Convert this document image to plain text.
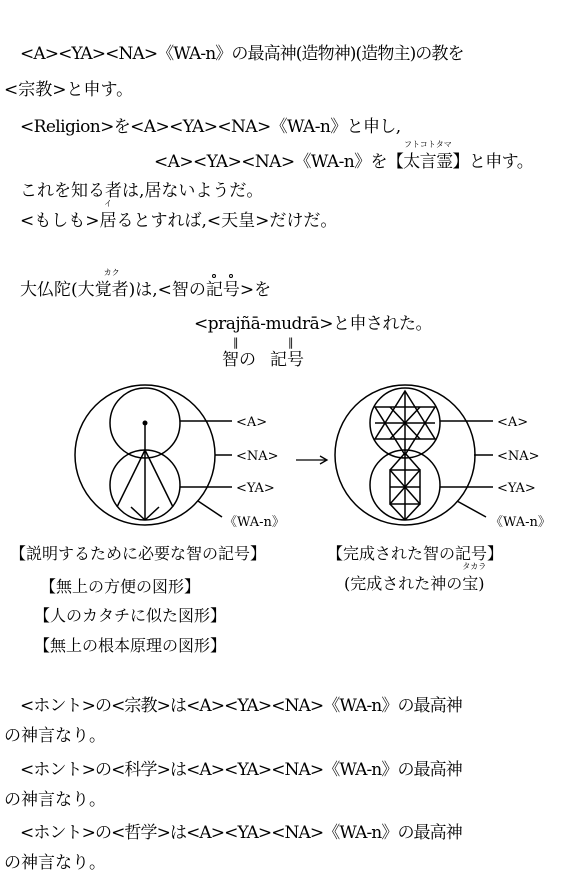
<A><YA><NA>《WA-n》の最高神(造物神)(造物主)の教を
<宗教>と申す。
<Religion>を<A><YA><NA>《WA-n》と申し,
<A><YA><NA>《WA-n》を【
フトコトタマ
太言霊】と申す。
これを知る者は,居ないようだ。
<もしも>
イ
居るとすれば,<天皇>だけだ。
大仏陀(大
カク
覚者)は,<智の
記
号>を
<prajñā-mudrā>と申された。
‖	‖
智の 記号
<A>
<NA>
<YA>
《WA-n》
<A>
<NA>
<YA>
《WA-n》
【説明するために必要な智の記号】
【無上の方便の図形】
【人のカタチに似た図形】
【無上の根本原理の図形】
【完成された智の記号】
(完成された神の
タカラ
宝)
<ホント>の<宗教>は<A><YA><NA>《WA-n》の最高神
の神言なり。
<ホント>の<科学>は<A><YA><NA>《WA-n》の最高神
の神言なり。
<ホント>の<哲学>は<A><YA><NA>《WA-n》の最高神
の神言なり。
